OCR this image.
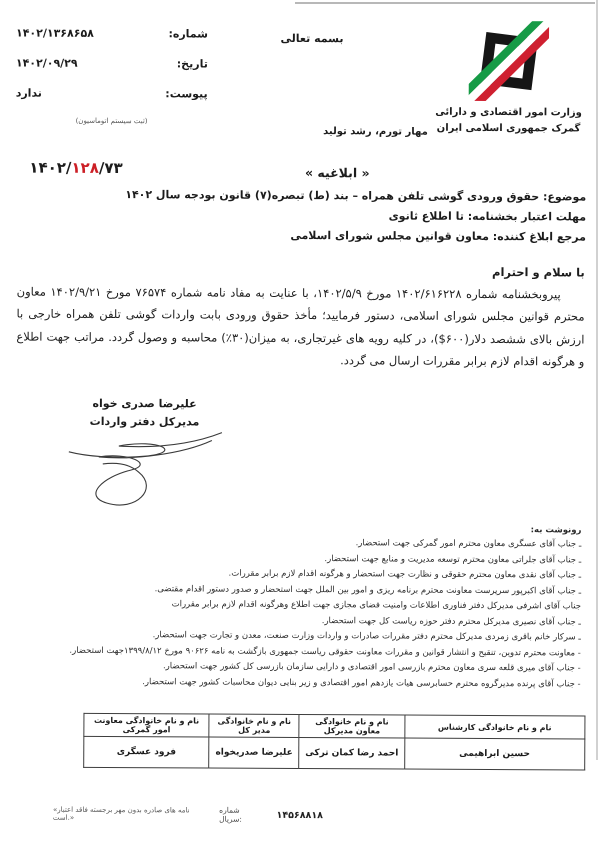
شماره:
۱۴۰۲/۱۳۶۸۶۵۸
تاریخ:
۱۴۰۲/۰۹/۲۹
پیوست:
ندارد
(ثبت سیستم اتوماسیون)
بسمه تعالی
مهار تورم، رشد تولید
وزارت امور اقتصادی و دارائی
گمرک جمهوری اسلامی ایران
۱۴۰۲/۱۲۸/۷۳	« ابلاغیه »
موضوع: حقوق ورودی گوشی تلفن همراه – بند (ط) تبصره(۷) قانون بودجه سال ۱۴۰۲
مهلت اعتبار بخشنامه: تا اطلاع ثانوی
مرجع ابلاغ کننده: معاون قوانین مجلس شورای اسلامی
با سلام و احترام
پیروبخشنامه شماره ۱۴۰۲/۶۱۶۲۲۸ مورخ ۱۴۰۲/۵/۹، با عنایت به مفاد نامه شماره ۷۶۵۷۴ مورخ ۱۴۰۲/۹/۲۱ معاون محترم قوانین مجلس شورای اسلامی، دستور فرمایید؛ مأخذ حقوق ورودی بابت واردات گوشی تلفن همراه خارجی با ارزش بالای ششصد دلار(۶۰۰$)، در کلیه رویه های غیرتجاری، به میزان(۳۰٪) محاسبه و وصول گردد. مراتب جهت اطلاع و هرگونه اقدام لازم برابر مقررات ارسال می گردد.
علیرضا صدری خواه
مدیرکل دفتر واردات
رونوشت به:
ـ جناب آقای عسگری معاون محترم امور گمرکی جهت استحضار.
ـ جناب آقای جلراتی معاون محترم توسعه مدیریت و منابع جهت استحضار.
ـ جناب آقای نقدی معاون محترم حقوقی و نظارت جهت استحضار و هرگونه اقدام لازم برابر مقررات.
ـ جناب آقای اکبرپور سرپرست معاونت محترم برنامه ریزی و امور بین الملل جهت استحضار و صدور دستور اقدام مقتضی.
جناب آقای اشرفی مدیرکل دفتر فناوری اطلاعات وامنیت فضای مجازی جهت اطلاع وهرگونه اقدام لازم برابر مقررات
ـ جناب آقای نصیری مدیرکل محترم دفتر حوزه ریاست کل جهت استحضار.
ـ سرکار خانم باقری زمردی مدیرکل محترم دفتر مقررات صادرات و واردات وزارت صنعت، معدن و تجارت جهت استحضار.
- معاونت محترم تدوین، تنقیح و انتشار قوانین و مقررات معاونت حقوقی ریاست جمهوری بازگشت به نامه ۹۰۶۲۶ مورخ ۱۳۹۹/۸/۱۲جهت استحضار.
- جناب آقای میری قلعه سری معاون محترم بازرسی امور اقتصادی و دارایی سازمان بازرسی کل کشور جهت استحضار.
- جناب آقای پرنده مدیرگروه محترم حسابرسی هیات یازدهم امور اقتصادی و زیر بنایی دیوان محاسبات کشور جهت استحضار.
نام و نام خانوادگی کارشناس	نام و نام خانوادگی معاون مدیرکل	نام و نام خانوادگی مدیر کل	نام و نام خانوادگی معاونت امور گمرکی
حسین ابراهیمی	احمد رضا کمان ترکی	علیرضا صدریخواه	فرود عسگری
«نامه های صادره بدون مهر برجسته فاقد اعتبار است.»
شماره سریال:	۱۴۵۶۸۸۱۸
